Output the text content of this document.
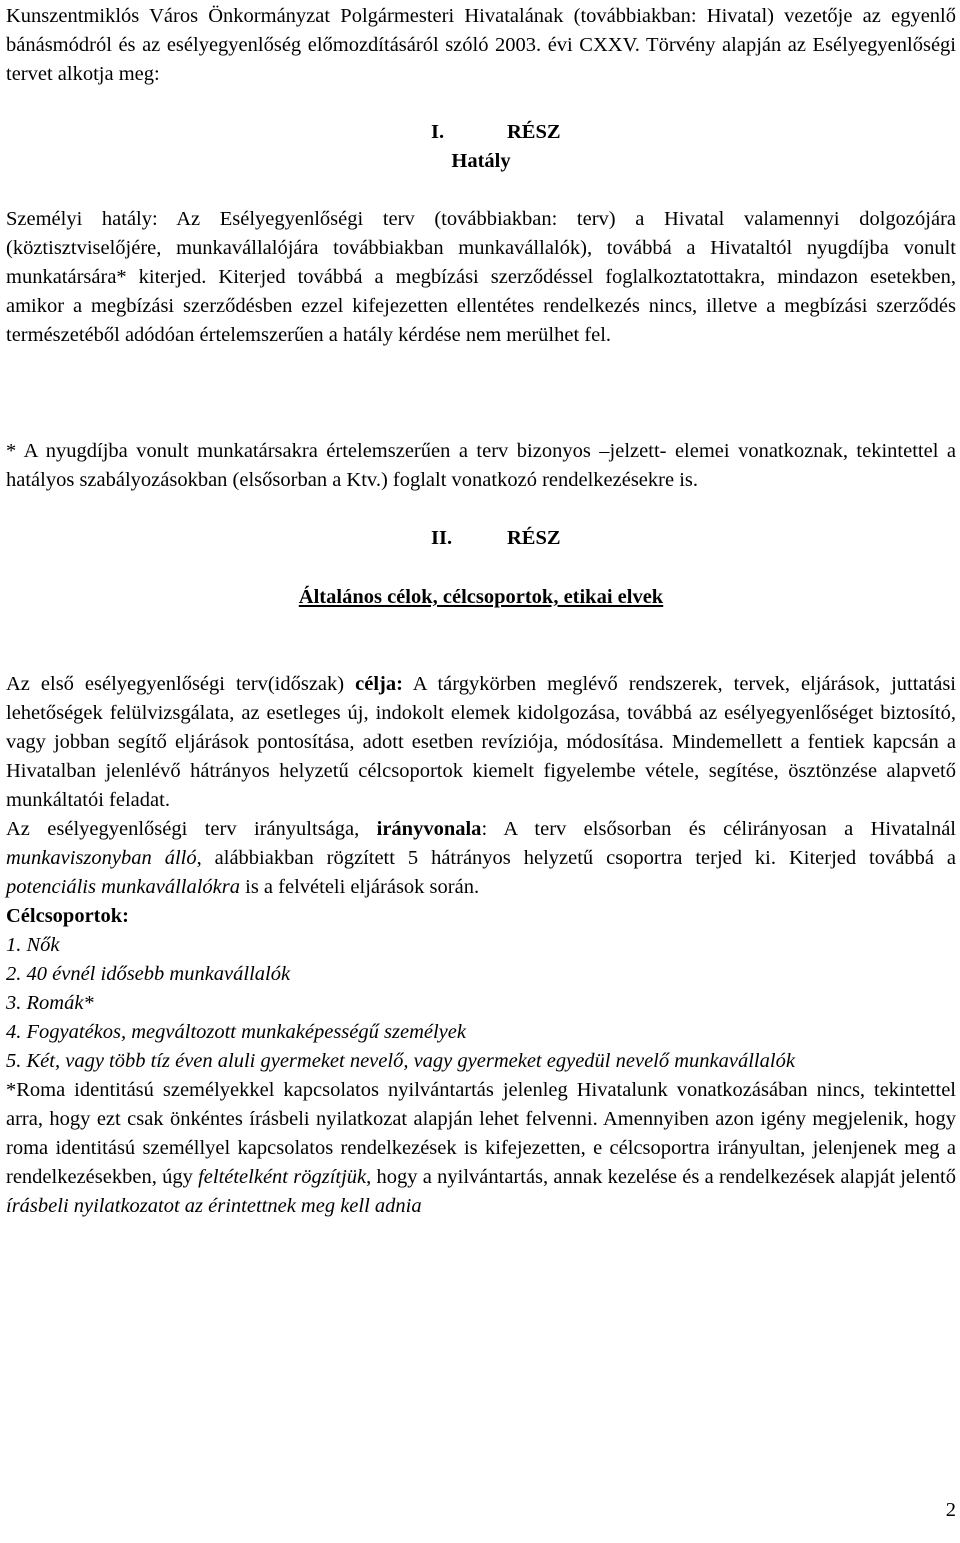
Kunszentmiklós Város Önkormányzat Polgármesteri Hivatalának (továbbiakban: Hivatal) vezetője az egyenlő bánásmódról és az esélyegyenlőség előmozdításáról szóló 2003. évi CXXV. Törvény alapján az Esélyegyenlőségi tervet alkotja meg:

I.	RÉSZ
Hatály

Személyi hatály: Az Esélyegyenlőségi terv (továbbiakban: terv) a Hivatal valamennyi dolgozójára (köztisztviselőjére, munkavállalójára továbbiakban munkavállalók), továbbá a Hivataltól nyugdíjba vonult munkatársára* kiterjed. Kiterjed továbbá a megbízási szerződéssel foglalkoztatottakra, mindazon esetekben, amikor a megbízási szerződésben ezzel kifejezetten ellentétes rendelkezés nincs, illetve a megbízási szerződés természetéből adódóan értelemszerűen a hatály kérdése nem merülhet fel.

* A nyugdíjba vonult munkatársakra értelemszerűen a terv bizonyos –jelzett- elemei vonatkoznak, tekintettel a hatályos szabályozásokban (elsősorban a Ktv.) foglalt vonatkozó rendelkezésekre is.

II.	RÉSZ
Általános célok, célcsoportok, etikai elvek

Az első esélyegyenlőségi terv(időszak) célja: A tárgykörben meglévő rendszerek, tervek, eljárások, juttatási lehetőségek felülvizsgálata, az esetleges új, indokolt elemek kidolgozása, továbbá az esélyegyenlőséget biztosító, vagy jobban segítő eljárások pontosítása, adott esetben revíziója, módosítása. Mindemellett a fentiek kapcsán a Hivatalban jelenlévő hátrányos helyzetű célcsoportok kiemelt figyelembe vétele, segítése, ösztönzése alapvető munkáltatói feladat.

Az esélyegyenlőségi terv irányultsága, irányvonala: A terv elsősorban és célirányosan a Hivatalnál munkaviszonyban álló, alábbiakban rögzített 5 hátrányos helyzetű csoportra terjed ki. Kiterjed továbbá a potenciális munkavállalókra is a felvételi eljárások során.

Célcsoportok:

1. Nők

2. 40 évnél idősebb munkavállalók

3. Romák*

4. Fogyatékos, megváltozott munkaképességű személyek

5. Két, vagy több tíz éven aluli gyermeket nevelő, vagy gyermeket egyedül nevelő munkavállalók

*Roma identitású személyekkel kapcsolatos nyilvántartás jelenleg Hivatalunk vonatkozásában nincs, tekintettel arra, hogy ezt csak önkéntes írásbeli nyilatkozat alapján lehet felvenni. Amennyiben azon igény megjelenik, hogy roma identitású személlyel kapcsolatos rendelkezések is kifejezetten, e célcsoportra irányultan, jelenjenek meg a rendelkezésekben, úgy feltételként rögzítjük, hogy a nyilvántartás, annak kezelése és a rendelkezések alapját jelentő írásbeli nyilatkozatot az érintettnek meg kell adnia

2
